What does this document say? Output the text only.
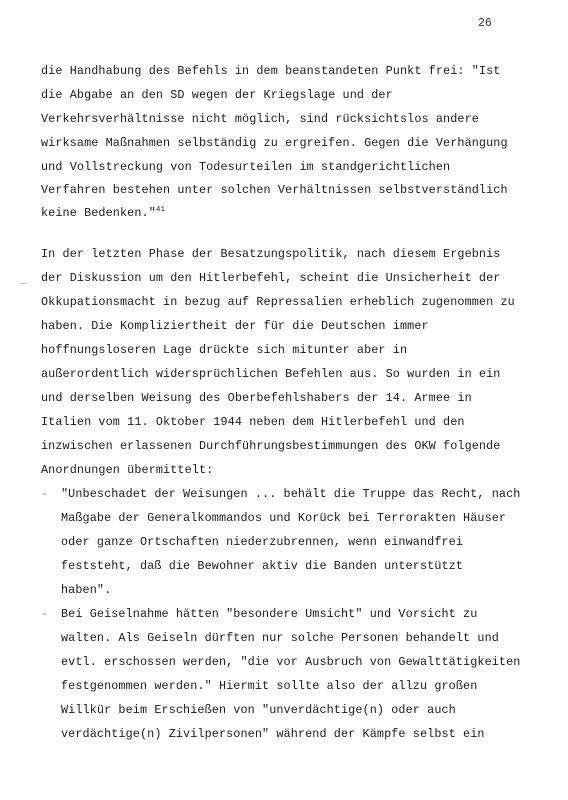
26
die Handhabung des Befehls in dem beanstandeten Punkt frei: "Ist
die Abgabe an den SD wegen der Kriegslage und der
Verkehrsverhältnisse nicht möglich, sind rücksichtslos andere
wirksame Maßnahmen selbständig zu ergreifen. Gegen die Verhängung
und Vollstreckung von Todesurteilen im standgerichtlichen
Verfahren bestehen unter solchen Verhältnissen selbstverständlich
keine Bedenken."$^{41}$
In der letzten Phase der Besatzungspolitik, nach diesem Ergebnis
der Diskussion um den Hitlerbefehl, scheint die Unsicherheit der
Okkupationsmacht in bezug auf Repressalien erheblich zugenommen zu
haben. Die Kompliziertheit der für die Deutschen immer
hoffnungsloseren Lage drückte sich mitunter aber in
außerordentlich widersprüchlichen Befehlen aus. So wurden in ein
und derselben Weisung des Oberbefehlshabers der 14. Armee in
Italien vom 11. Oktober 1944 neben dem Hitlerbefehl und den
inzwischen erlassenen Durchführungsbestimmungen des OKW folgende
Anordnungen übermittelt:
- "Unbeschadet der Weisungen ... behält die Truppe das Recht, nach
Maßgabe der Generalkommandos und Korück bei Terrorakten Häuser
oder ganze Ortschaften niederzubrennen, wenn einwandfrei
feststeht, daß die Bewohner aktiv die Banden unterstützt
haben".
- Bei Geiselnahme hätten "besondere Umsicht" und Vorsicht zu
walten. Als Geiseln dürften nur solche Personen behandelt und
evtl. erschossen werden, "die vor Ausbruch von Gewalttätigkeiten
festgenommen werden." Hiermit sollte also der allzu großen
Willkür beim Erschießen von "unverdächtige(n) oder auch
verdächtige(n) Zivilpersonen" während der Kämpfe selbst ein
